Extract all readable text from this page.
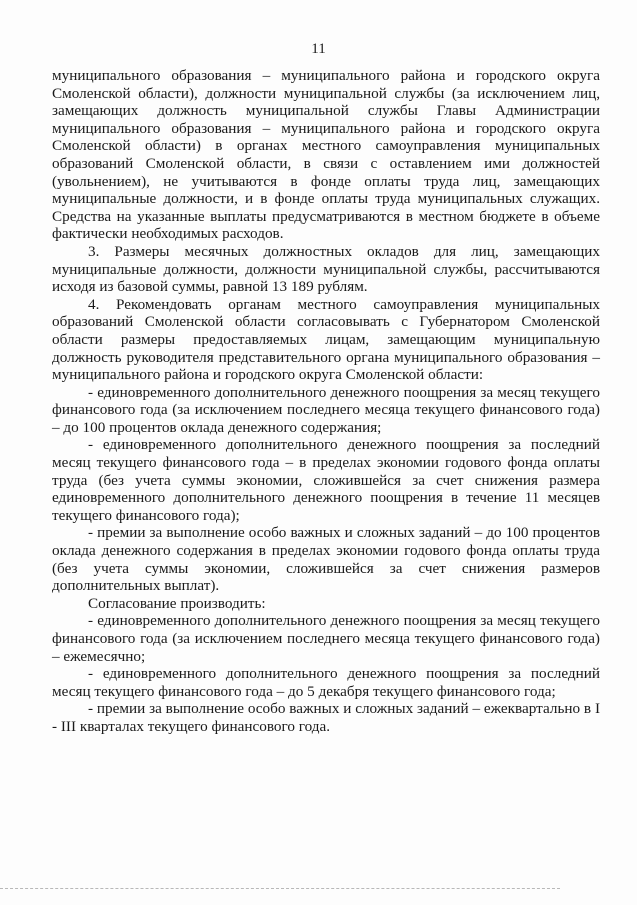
11

муниципального образования – муниципального района и городского округа Смоленской области), должности муниципальной службы (за исключением лиц, замещающих должность муниципальной службы Главы Администрации муниципального образования – муниципального района и городского округа Смоленской области) в органах местного самоуправления муниципальных образований Смоленской области, в связи с оставлением ими должностей (увольнением), не учитываются в фонде оплаты труда лиц, замещающих муниципальные должности, и в фонде оплаты труда муниципальных служащих. Средства на указанные выплаты предусматриваются в местном бюджете в объеме фактически необходимых расходов.

3. Размеры месячных должностных окладов для лиц, замещающих муниципальные должности, должности муниципальной службы, рассчитываются исходя из базовой суммы, равной 13 189 рублям.

4. Рекомендовать органам местного самоуправления муниципальных образований Смоленской области согласовывать с Губернатором Смоленской области размеры предоставляемых лицам, замещающим муниципальную должность руководителя представительного органа муниципального образования – муниципального района и городского округа Смоленской области:

- единовременного дополнительного денежного поощрения за месяц текущего финансового года (за исключением последнего месяца текущего финансового года) – до 100 процентов оклада денежного содержания;

- единовременного дополнительного денежного поощрения за последний месяц текущего финансового года – в пределах экономии годового фонда оплаты труда (без учета суммы экономии, сложившейся за счет снижения размера единовременного дополнительного денежного поощрения в течение 11 месяцев текущего финансового года);

- премии за выполнение особо важных и сложных заданий – до 100 процентов оклада денежного содержания в пределах экономии годового фонда оплаты труда (без учета суммы экономии, сложившейся за счет снижения размеров дополнительных выплат).

Согласование производить:

- единовременного дополнительного денежного поощрения за месяц текущего финансового года (за исключением последнего месяца текущего финансового года) – ежемесячно;

- единовременного дополнительного денежного поощрения за последний месяц текущего финансового года – до 5 декабря текущего финансового года;

- премии за выполнение особо важных и сложных заданий – ежеквартально в I - III кварталах текущего финансового года.
